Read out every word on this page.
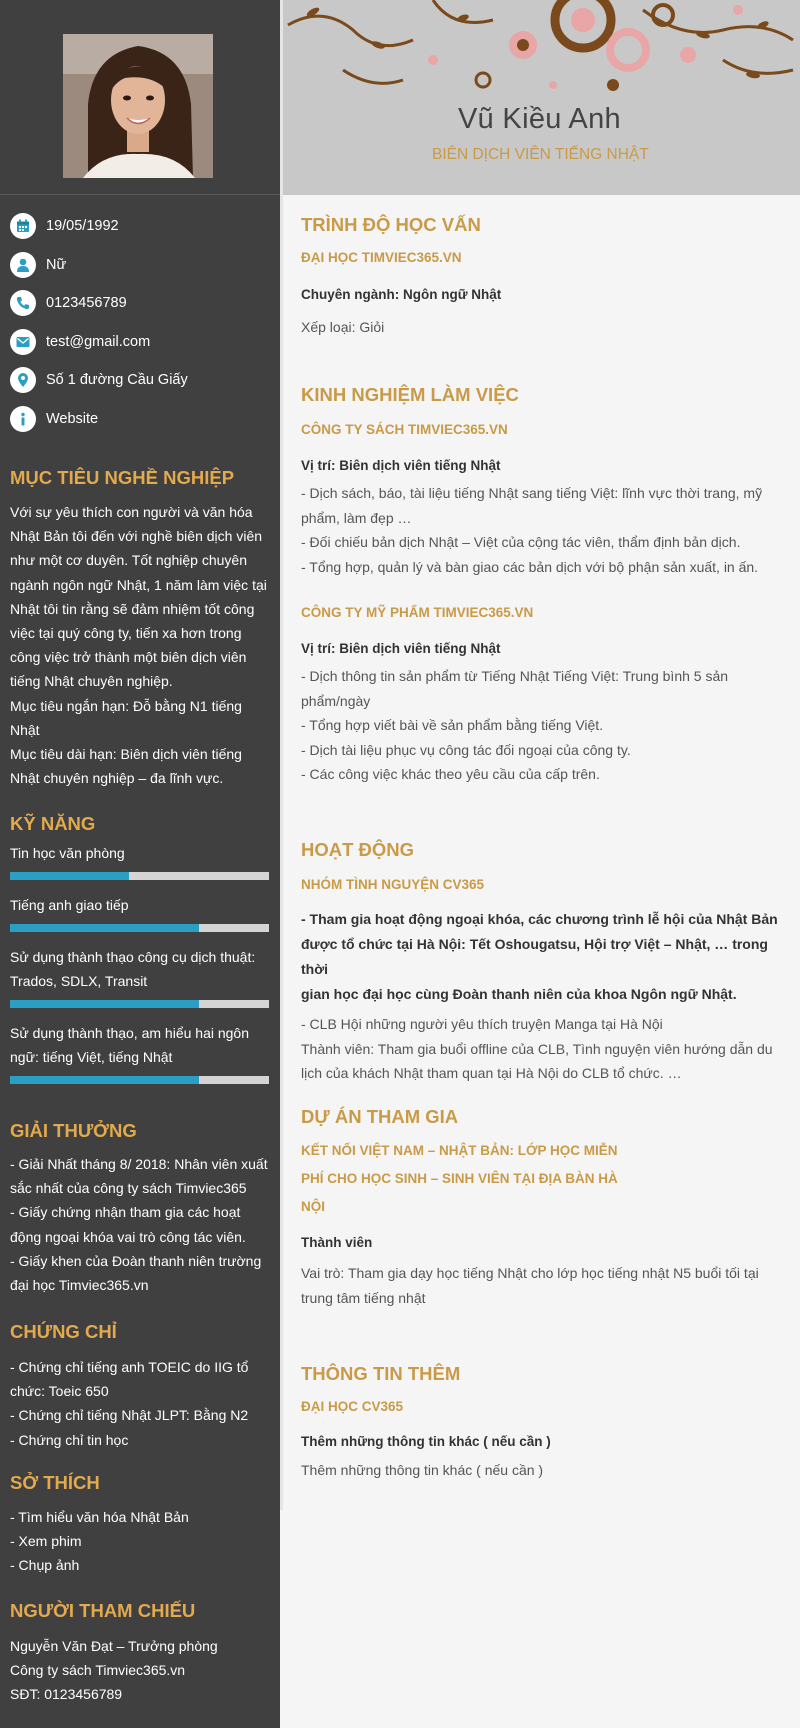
19/05/1992
Nữ
0123456789
test@gmail.com
Số 1 đường Cầu Giấy
Website
MỤC TIÊU NGHỀ NGHIỆP
Với sự yêu thích con người và văn hóa
Nhật Bản tôi đến với nghề biên dịch viên
như một cơ duyên. Tốt nghiệp chuyên
ngành ngôn ngữ Nhật, 1 năm làm việc tại
Nhật tôi tin rằng sẽ đảm nhiệm tốt công
việc tại quý công ty, tiến xa hơn trong
công việc trở thành một biên dịch viên
tiếng Nhật chuyên nghiệp.
Mục tiêu ngắn hạn: Đỗ bằng N1 tiếng
Nhật
Mục tiêu dài hạn: Biên dịch viên tiếng
Nhật chuyên nghiệp – đa lĩnh vực.
KỸ NĂNG
Tin học văn phòng
Tiếng anh giao tiếp
Sử dụng thành thạo công cụ dịch thuật:
Trados, SDLX, Transit
Sử dụng thành thạo, am hiểu hai ngôn
ngữ: tiếng Việt, tiếng Nhật
GIẢI THƯỞNG
- Giải Nhất tháng 8/ 2018: Nhân viên xuất
sắc nhất của công ty sách Timviec365
- Giấy chứng nhận tham gia các hoạt
động ngoại khóa vai trò công tác viên.
- Giấy khen của Đoàn thanh niên trường
đại học Timviec365.vn
CHỨNG CHỈ
- Chứng chỉ tiếng anh TOEIC do IIG tổ
chức: Toeic 650
- Chứng chỉ tiếng Nhật JLPT: Bằng N2
- Chứng chỉ tin học
SỞ THÍCH
- Tìm hiểu văn hóa Nhật Bản
- Xem phim
- Chụp ảnh
NGƯỜI THAM CHIẾU
Nguyễn Văn Đạt – Trưởng phòng
Công ty sách Timviec365.vn
SĐT: 0123456789
Vũ Kiều Anh
BIÊN DỊCH VIÊN TIẾNG NHẬT
TRÌNH ĐỘ HỌC VẤN
ĐẠI HỌC TIMVIEC365.VN
Chuyên ngành: Ngôn ngữ Nhật
Xếp loại: Giỏi
KINH NGHIỆM LÀM VIỆC
CÔNG TY SÁCH TIMVIEC365.VN
Vị trí: Biên dịch viên tiếng Nhật
- Dịch sách, báo, tài liệu tiếng Nhật sang tiếng Việt: lĩnh vực thời trang, mỹ
phẩm, làm đẹp …
- Đối chiếu bản dịch Nhật – Việt của cộng tác viên, thẩm định bản dịch.
- Tổng hợp, quản lý và bàn giao các bản dịch với bộ phận sản xuất, in ấn.
CÔNG TY MỸ PHẨM TIMVIEC365.VN
Vị trí: Biên dịch viên tiếng Nhật
- Dịch thông tin sản phẩm từ Tiếng Nhật Tiếng Việt: Trung bình 5 sản
phẩm/ngày
- Tổng hợp viết bài về sản phẩm bằng tiếng Việt.
- Dịch tài liệu phục vụ công tác đối ngoại của công ty.
- Các công việc khác theo yêu cầu của cấp trên.
HOẠT ĐỘNG
NHÓM TÌNH NGUYỆN CV365
- Tham gia hoạt động ngoại khóa, các chương trình lễ hội của Nhật Bản
được tổ chức tại Hà Nội: Tết Oshougatsu, Hội trợ Việt – Nhật, … trong thời
gian học đại học cùng Đoàn thanh niên của khoa Ngôn ngữ Nhật.
- CLB Hội những người yêu thích truyện Manga tại Hà Nội
Thành viên: Tham gia buổi offline của CLB, Tình nguyện viên hướng dẫn du
lịch của khách Nhật tham quan tại Hà Nội do CLB tổ chức. …
DỰ ÁN THAM GIA
KẾT NỐI VIỆT NAM – NHẬT BẢN: LỚP HỌC MIỄN
PHÍ CHO HỌC SINH – SINH VIÊN TẠI ĐỊA BÀN HÀ
NỘI
Thành viên
Vai trò: Tham gia dạy học tiếng Nhật cho lớp học tiếng nhật N5 buổi tối tại
trung tâm tiếng nhật
THÔNG TIN THÊM
ĐẠI HỌC CV365
Thêm những thông tin khác ( nếu cần )
Thêm những thông tin khác ( nếu cần )
